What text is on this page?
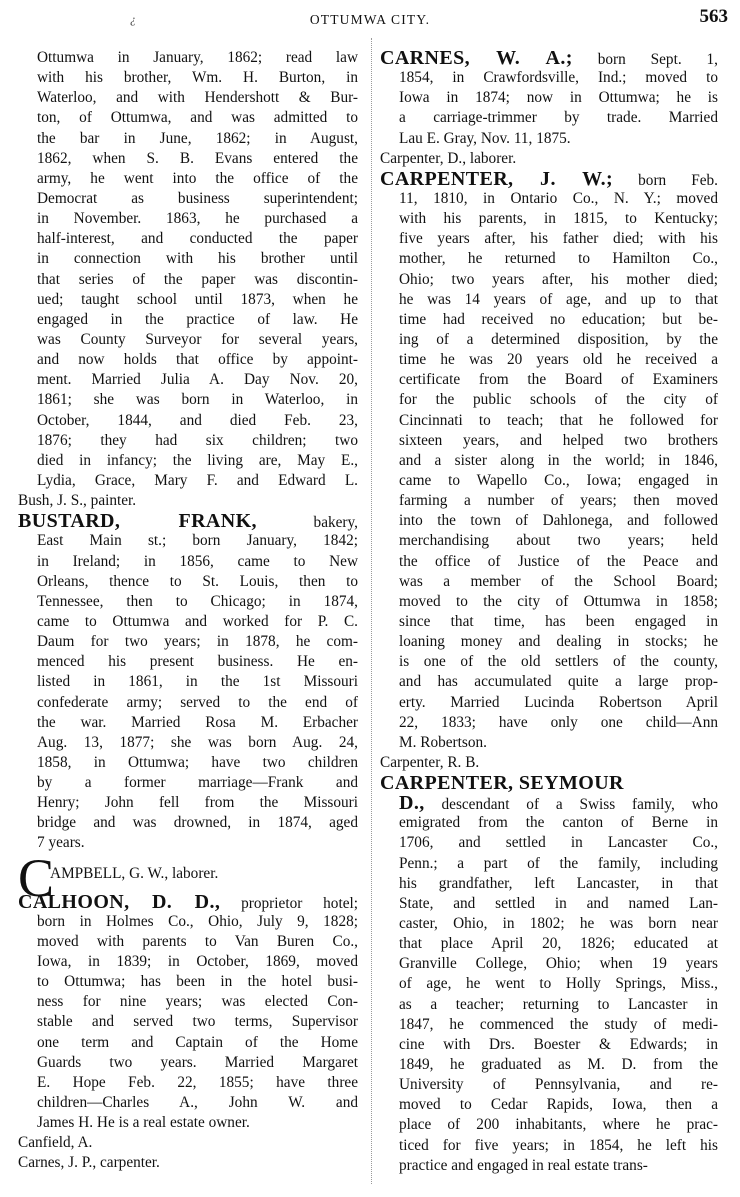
¿	OTTUMWA CITY.	563
Ottumwa in January, 1862; read law
with his brother, Wm. H. Burton, in
Waterloo, and with Hendershott & Bur-
ton, of Ottumwa, and was admitted to
the bar in June, 1862; in August,
1862, when S. B. Evans entered the
army, he went into the office of the
Democrat as business superintendent;
in November. 1863, he purchased a
half-interest, and conducted the paper
in connection with his brother until
that series of the paper was discontin-
ued; taught school until 1873, when he
engaged in the practice of law. He
was County Surveyor for several years,
and now holds that office by appoint-
ment. Married Julia A. Day Nov. 20,
1861; she was born in Waterloo, in
October, 1844, and died Feb. 23,
1876; they had six children; two
died in infancy; the living are, May E.,
Lydia, Grace, Mary F. and Edward L.
Bush, J. S., painter.
BUSTARD, FRANK,	bakery,
East Main st.; born January, 1842;
in Ireland; in 1856, came to New
Orleans, thence to St. Louis, then to
Tennessee, then to Chicago; in 1874,
came to Ottumwa and worked for P. C.
Daum for two years; in 1878, he com-
menced his present business. He en-
listed in 1861, in the 1st Missouri
confederate army; served to the end of
the war. Married Rosa M. Erbacher
Aug. 13, 1877; she was born Aug. 24,
1858, in Ottumwa; have two children
by a former marriage—Frank and
Henry; John fell from the Missouri
bridge and was drowned, in 1874, aged
7 years.
CAMPBELL, G. W., laborer.
CALHOON, D. D., proprietor hotel;
born in Holmes Co., Ohio, July 9, 1828;
moved with parents to Van Buren Co.,
Iowa, in 1839; in October, 1869, moved
to Ottumwa; has been in the hotel busi-
ness for nine years; was elected Con-
stable and served two terms, Supervisor
one term and Captain of the Home
Guards two years. Married Margaret
E. Hope Feb. 22, 1855; have three
children—Charles A., John W. and
James H. He is a real estate owner.
Canfield, A.
Carnes, J. P., carpenter.
CARNES, W. A.; born Sept. 1,
1854, in Crawfordsville, Ind.; moved to
Iowa in 1874; now in Ottumwa; he is
a carriage-trimmer by trade. Married
Lau E. Gray, Nov. 11, 1875.
Carpenter, D., laborer.
CARPENTER, J. W.; born Feb.
11, 1810, in Ontario Co., N. Y.; moved
with his parents, in 1815, to Kentucky;
five years after, his father died; with his
mother, he returned to Hamilton Co.,
Ohio; two years after, his mother died;
he was 14 years of age, and up to that
time had received no education; but be-
ing of a determined disposition, by the
time he was 20 years old he received a
certificate from the Board of Examiners
for the public schools of the city of
Cincinnati to teach; that he followed for
sixteen years, and helped two brothers
and a sister along in the world; in 1846,
came to Wapello Co., Iowa; engaged in
farming a number of years; then moved
into the town of Dahlonega, and followed
merchandising about two years; held
the office of Justice of the Peace and
was a member of the School Board;
moved to the city of Ottumwa in 1858;
since that time, has been engaged in
loaning money and dealing in stocks; he
is one of the old settlers of the county,
and has accumulated quite a large prop-
erty. Married Lucinda Robertson April
22, 1833; have only one child—Ann
M. Robertson.
Carpenter, R. B.
CARPENTER, SEYMOUR
D., descendant of a Swiss family, who
emigrated from the canton of Berne in
1706, and settled in Lancaster Co.,
Penn.; a part of the family, including
his grandfather, left Lancaster, in that
State, and settled in and named Lan-
caster, Ohio, in 1802; he was born near
that place April 20, 1826; educated at
Granville College, Ohio; when 19 years
of age, he went to Holly Springs, Miss.,
as a teacher; returning to Lancaster in
1847, he commenced the study of medi-
cine with Drs. Boester & Edwards; in
1849, he graduated as M. D. from the
University of Pennsylvania, and re-
moved to Cedar Rapids, Iowa, then a
place of 200 inhabitants, where he prac-
ticed for five years; in 1854, he left his
practice and engaged in real estate trans-
